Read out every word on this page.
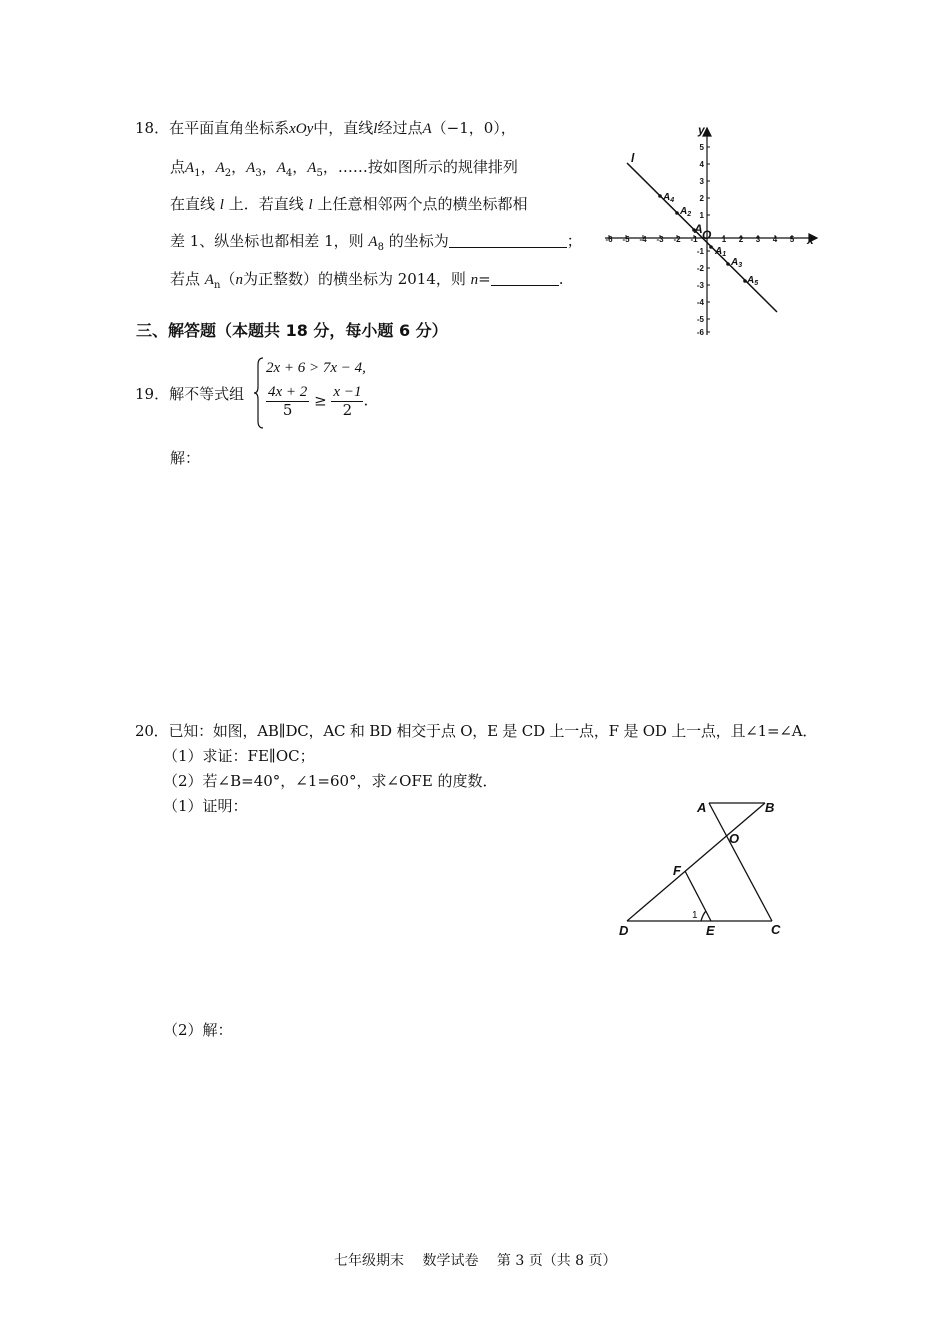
18．在平面直角坐标系xOy中，直线l经过点A（−1，0），
点$A_1$，$A_2$，$A_3$，$A_4$，$A_5$，……按如图所示的规律排列
在直线 l 上．若直线 l 上任意相邻两个点的横坐标都相
差 1、纵坐标也都相差 1，则 $A_8$ 的坐标为	；
若点 $A_n(n$为正整数）的横坐标为 2014，则 n=	.
-6 -5 -4 -3 -2 -1	1 2 3 4 5
5
4
3
2
1
-1
-2
-3
-4
-5
-6
y
x
O
l
A
$A_4$
$A_2$
$A_1$
$A_3$
$A_5$
三、解答题（本题共 18 分，每小题 6 分）
19．解不等式组
2x + 6 > 7x − 4,
$\frac{4x + 2}{5} \ge \frac{x -1}{2}$ .
解：
20．已知：如图，AB∥DC，AC 和 BD 相交于点 O，E 是 CD 上一点，F 是 OD 上一点，且∠1=∠A．
（1）求证：FE∥OC；
（2）若∠B=40°，∠1=60°，求∠OFE 的度数．
（1）证明：
（2）解：
A	B
O
F
D	E	C
1
七年级期末　 数学试卷　 第 3 页（共 8 页）
